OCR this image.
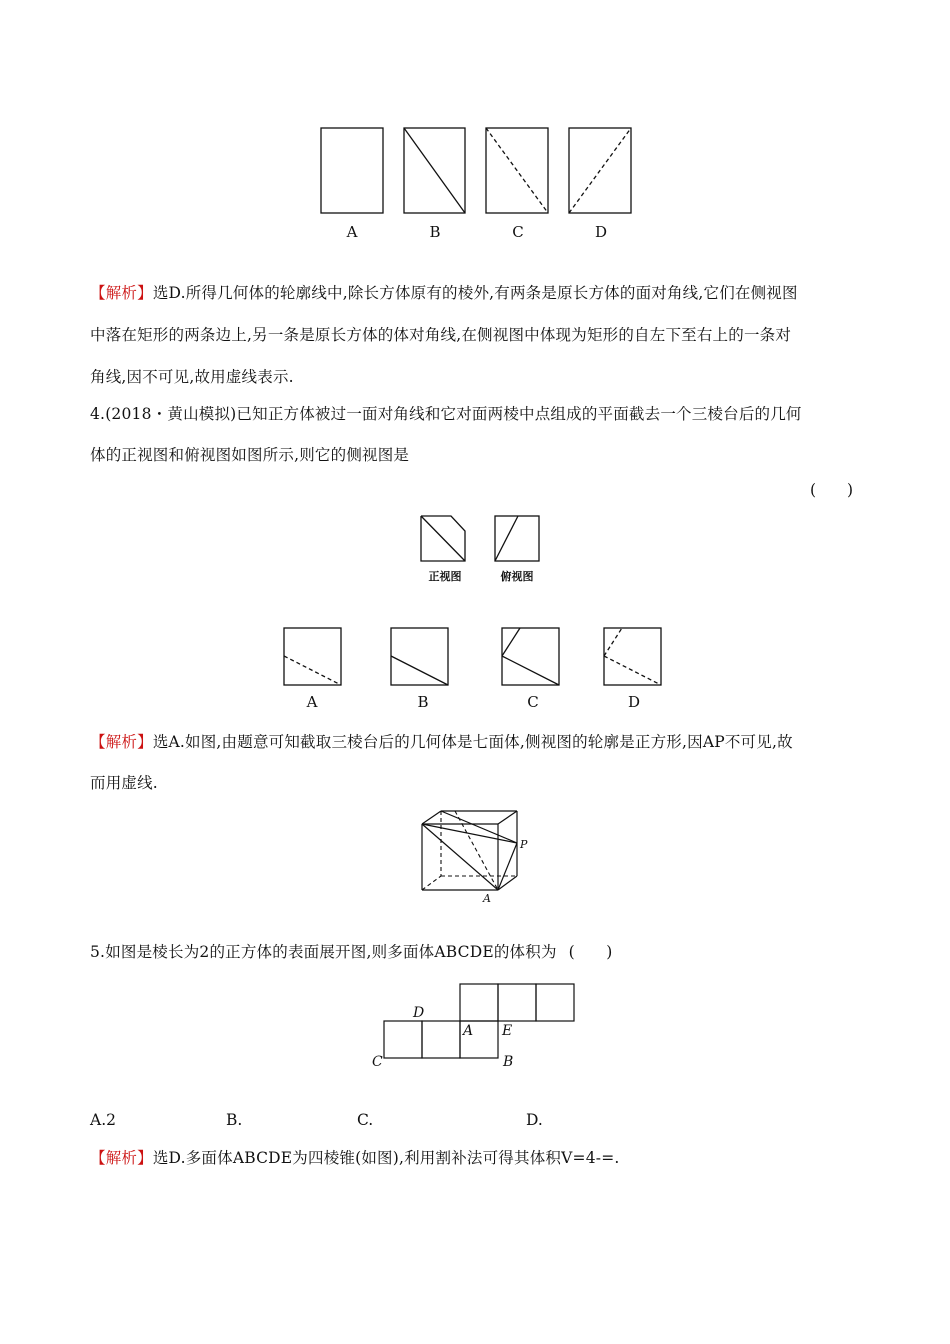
A	B	C	D
【解析】选D.所得几何体的轮廓线中,除长方体原有的棱外,有两条是原长方体的面对角线,它们在侧视图
中落在矩形的两条边上,另一条是原长方体的体对角线,在侧视图中体现为矩形的自左下至右上的一条对
角线,因不可见,故用虚线表示.
4.(2018・黄山模拟)已知正方体被过一面对角线和它对面两棱中点组成的平面截去一个三棱台后的几何
体的正视图和俯视图如图所示,则它的侧视图是
(　　)
正视图	俯视图
A	B	C	D
【解析】选A.如图,由题意可知截取三棱台后的几何体是七面体,侧视图的轮廓是正方形,因AP不可见,故
而用虚线.
P
A
5.如图是棱长为2的正方体的表面展开图,则多面体ABCDE的体积为 (　　)
D
A E
C	B
A.2	B.	C.	D.
【解析】选D.多面体ABCDE为四棱锥(如图),利用割补法可得其体积V=4-=.
